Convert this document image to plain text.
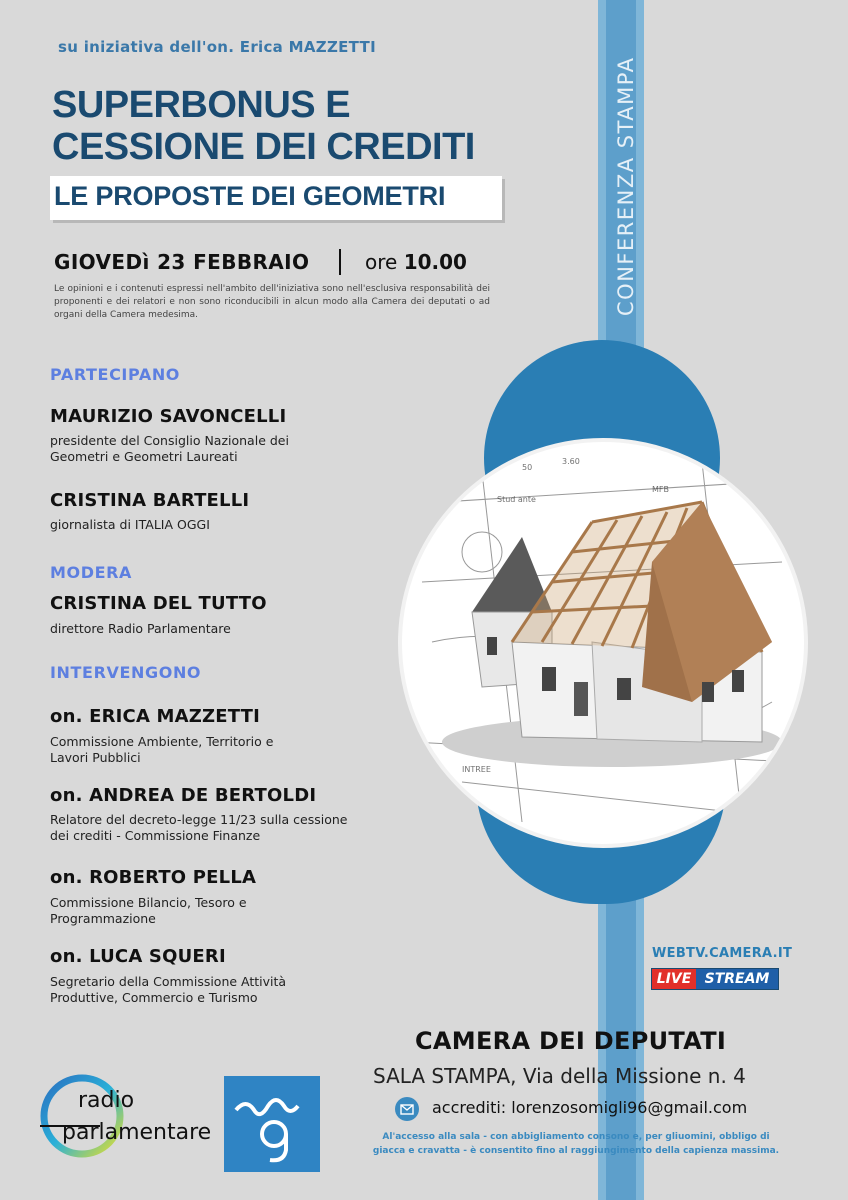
CONFERENZA STAMPA
50
3.60
MFB
Stud ante
INTREE
su iniziativa dell'on. Erica MAZZETTI
SUPERBONUS E
CESSIONE DEI CREDITI
LE PROPOSTE DEI GEOMETRI
GIOVEDì 23 FEBBRAIO	ore 10.00
Le opinioni e i contenuti espressi nell'ambito dell'iniziativa sono nell'esclusiva responsabilità dei proponenti e dei relatori e non sono riconducibili in alcun modo alla Camera dei deputati o ad organi della Camera medesima.
PARTECIPANO
MAURIZIO SAVONCELLI
presidente del Consiglio Nazionale dei
Geometri e Geometri Laureati
CRISTINA BARTELLI
giornalista di ITALIA OGGI
MODERA
CRISTINA DEL TUTTO
direttore Radio Parlamentare
INTERVENGONO
on. ERICA MAZZETTI
Commissione Ambiente, Territorio e
Lavori Pubblici
on. ANDREA DE BERTOLDI
Relatore del decreto-legge 11/23 sulla cessione
dei crediti - Commissione Finanze
on. ROBERTO PELLA
Commissione Bilancio, Tesoro e
Programmazione
on. LUCA SQUERI
Segretario della Commissione Attività
Produttive, Commercio e Turismo
WEBTV.CAMERA.IT
LIVE STREAM
CAMERA DEI DEPUTATI
SALA STAMPA, Via della Missione n. 4
accrediti: lorenzosomigli96@gmail.com
Al'accesso alla sala - con abbigliamento consono e, per gliuomini, obbligo di giacca e cravatta - è consentito fino al raggiungimento della capienza massima.
radio
parlamentare
